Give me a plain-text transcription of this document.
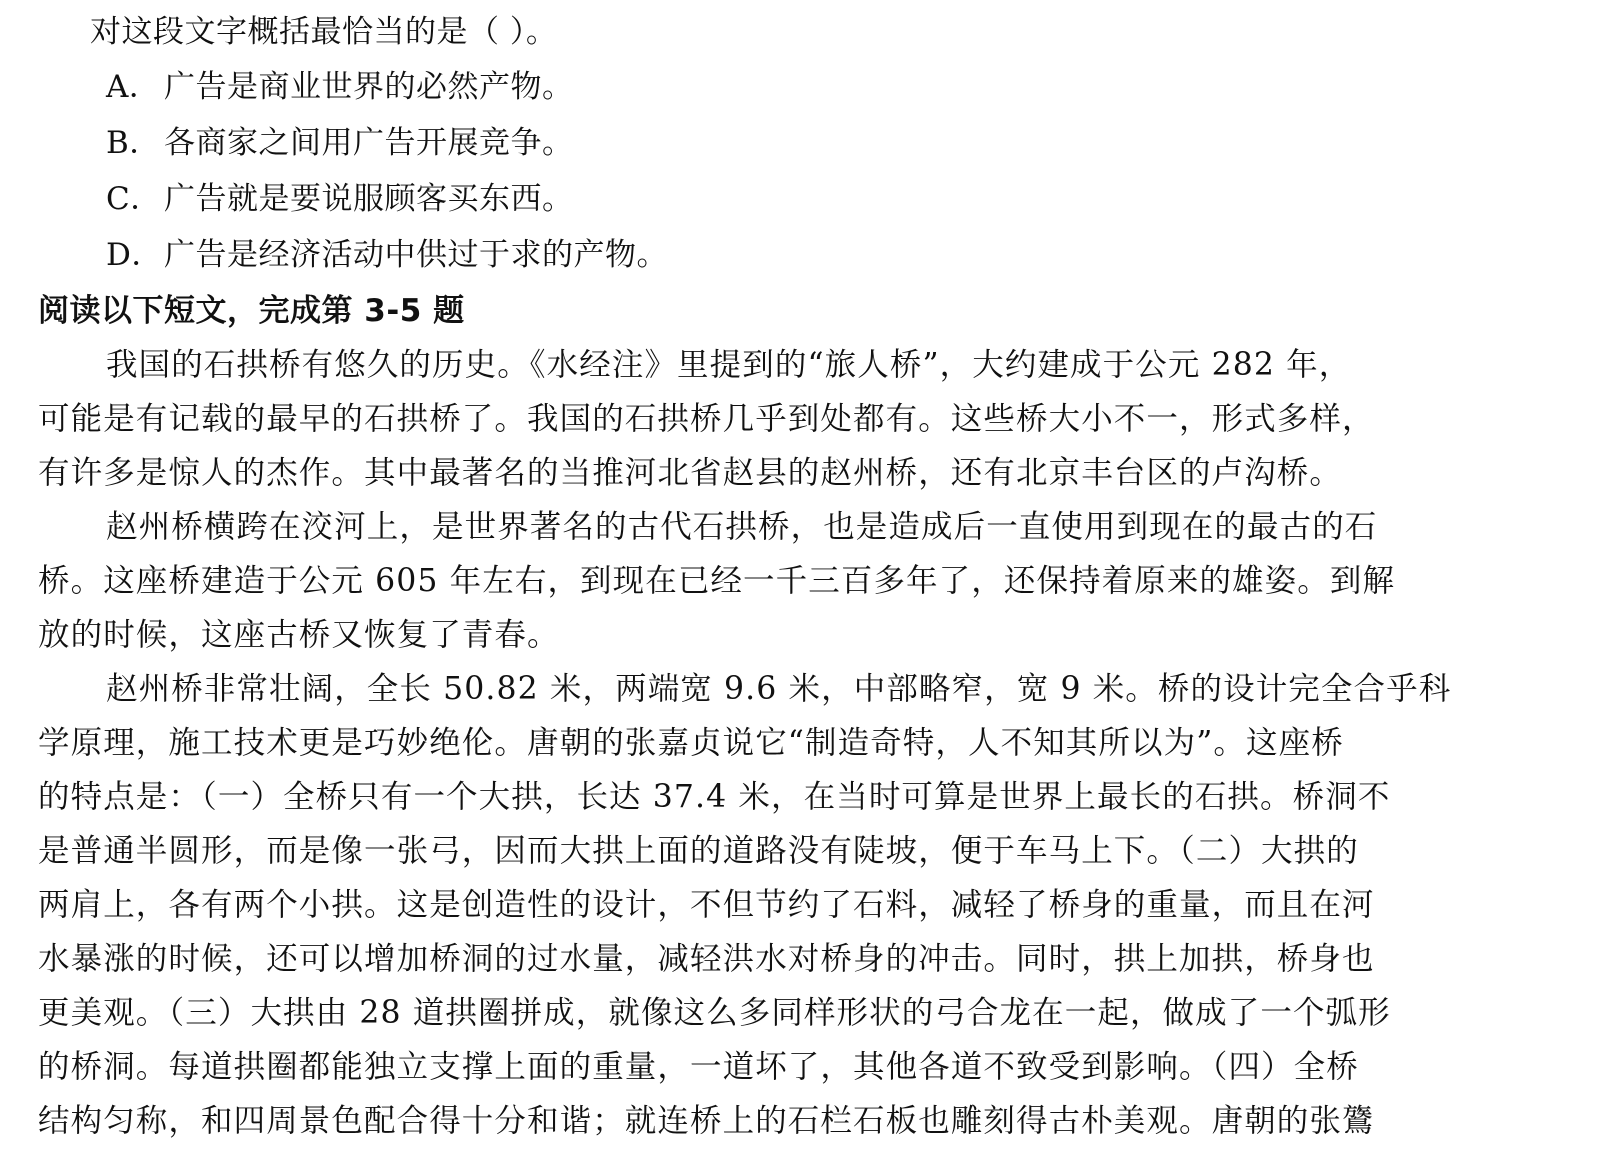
对这段文字概括最恰当的是（ ）。
A． 广告是商业世界的必然产物。
B． 各商家之间用广告开展竞争。
C．广告就是要说服顾客买东西。
D．广告是经济活动中供过于求的产物。
阅读以下短文，完成第 3-5 题
我国的石拱桥有悠久的历史。《水经注》里提到的“旅人桥”，大约建成于公元 282 年，
可能是有记载的最早的石拱桥了。我国的石拱桥几乎到处都有。这些桥大小不一，形式多样，
有许多是惊人的杰作。其中最著名的当推河北省赵县的赵州桥，还有北京丰台区的卢沟桥。
赵州桥横跨在洨河上，是世界著名的古代石拱桥，也是造成后一直使用到现在的最古的石
桥。这座桥建造于公元 605 年左右，到现在已经一千三百多年了，还保持着原来的雄姿。到解
放的时候，这座古桥又恢复了青春。
赵州桥非常壮阔，全长 50.82 米，两端宽 9.6 米，中部略窄，宽 9 米。桥的设计完全合乎科
学原理，施工技术更是巧妙绝伦。唐朝的张嘉贞说它“制造奇特，人不知其所以为”。这座桥
的特点是：（一）全桥只有一个大拱，长达 37.4 米，在当时可算是世界上最长的石拱。桥洞不
是普通半圆形，而是像一张弓，因而大拱上面的道路没有陡坡，便于车马上下。（二）大拱的
两肩上，各有两个小拱。这是创造性的设计，不但节约了石料，减轻了桥身的重量，而且在河
水暴涨的时候，还可以增加桥洞的过水量，减轻洪水对桥身的冲击。同时，拱上加拱，桥身也
更美观。（三）大拱由 28 道拱圈拼成，就像这么多同样形状的弓合龙在一起，做成了一个弧形
的桥洞。每道拱圈都能独立支撑上面的重量，一道坏了，其他各道不致受到影响。（四）全桥
结构匀称，和四周景色配合得十分和谐；就连桥上的石栏石板也雕刻得古朴美观。唐朝的张鷟
